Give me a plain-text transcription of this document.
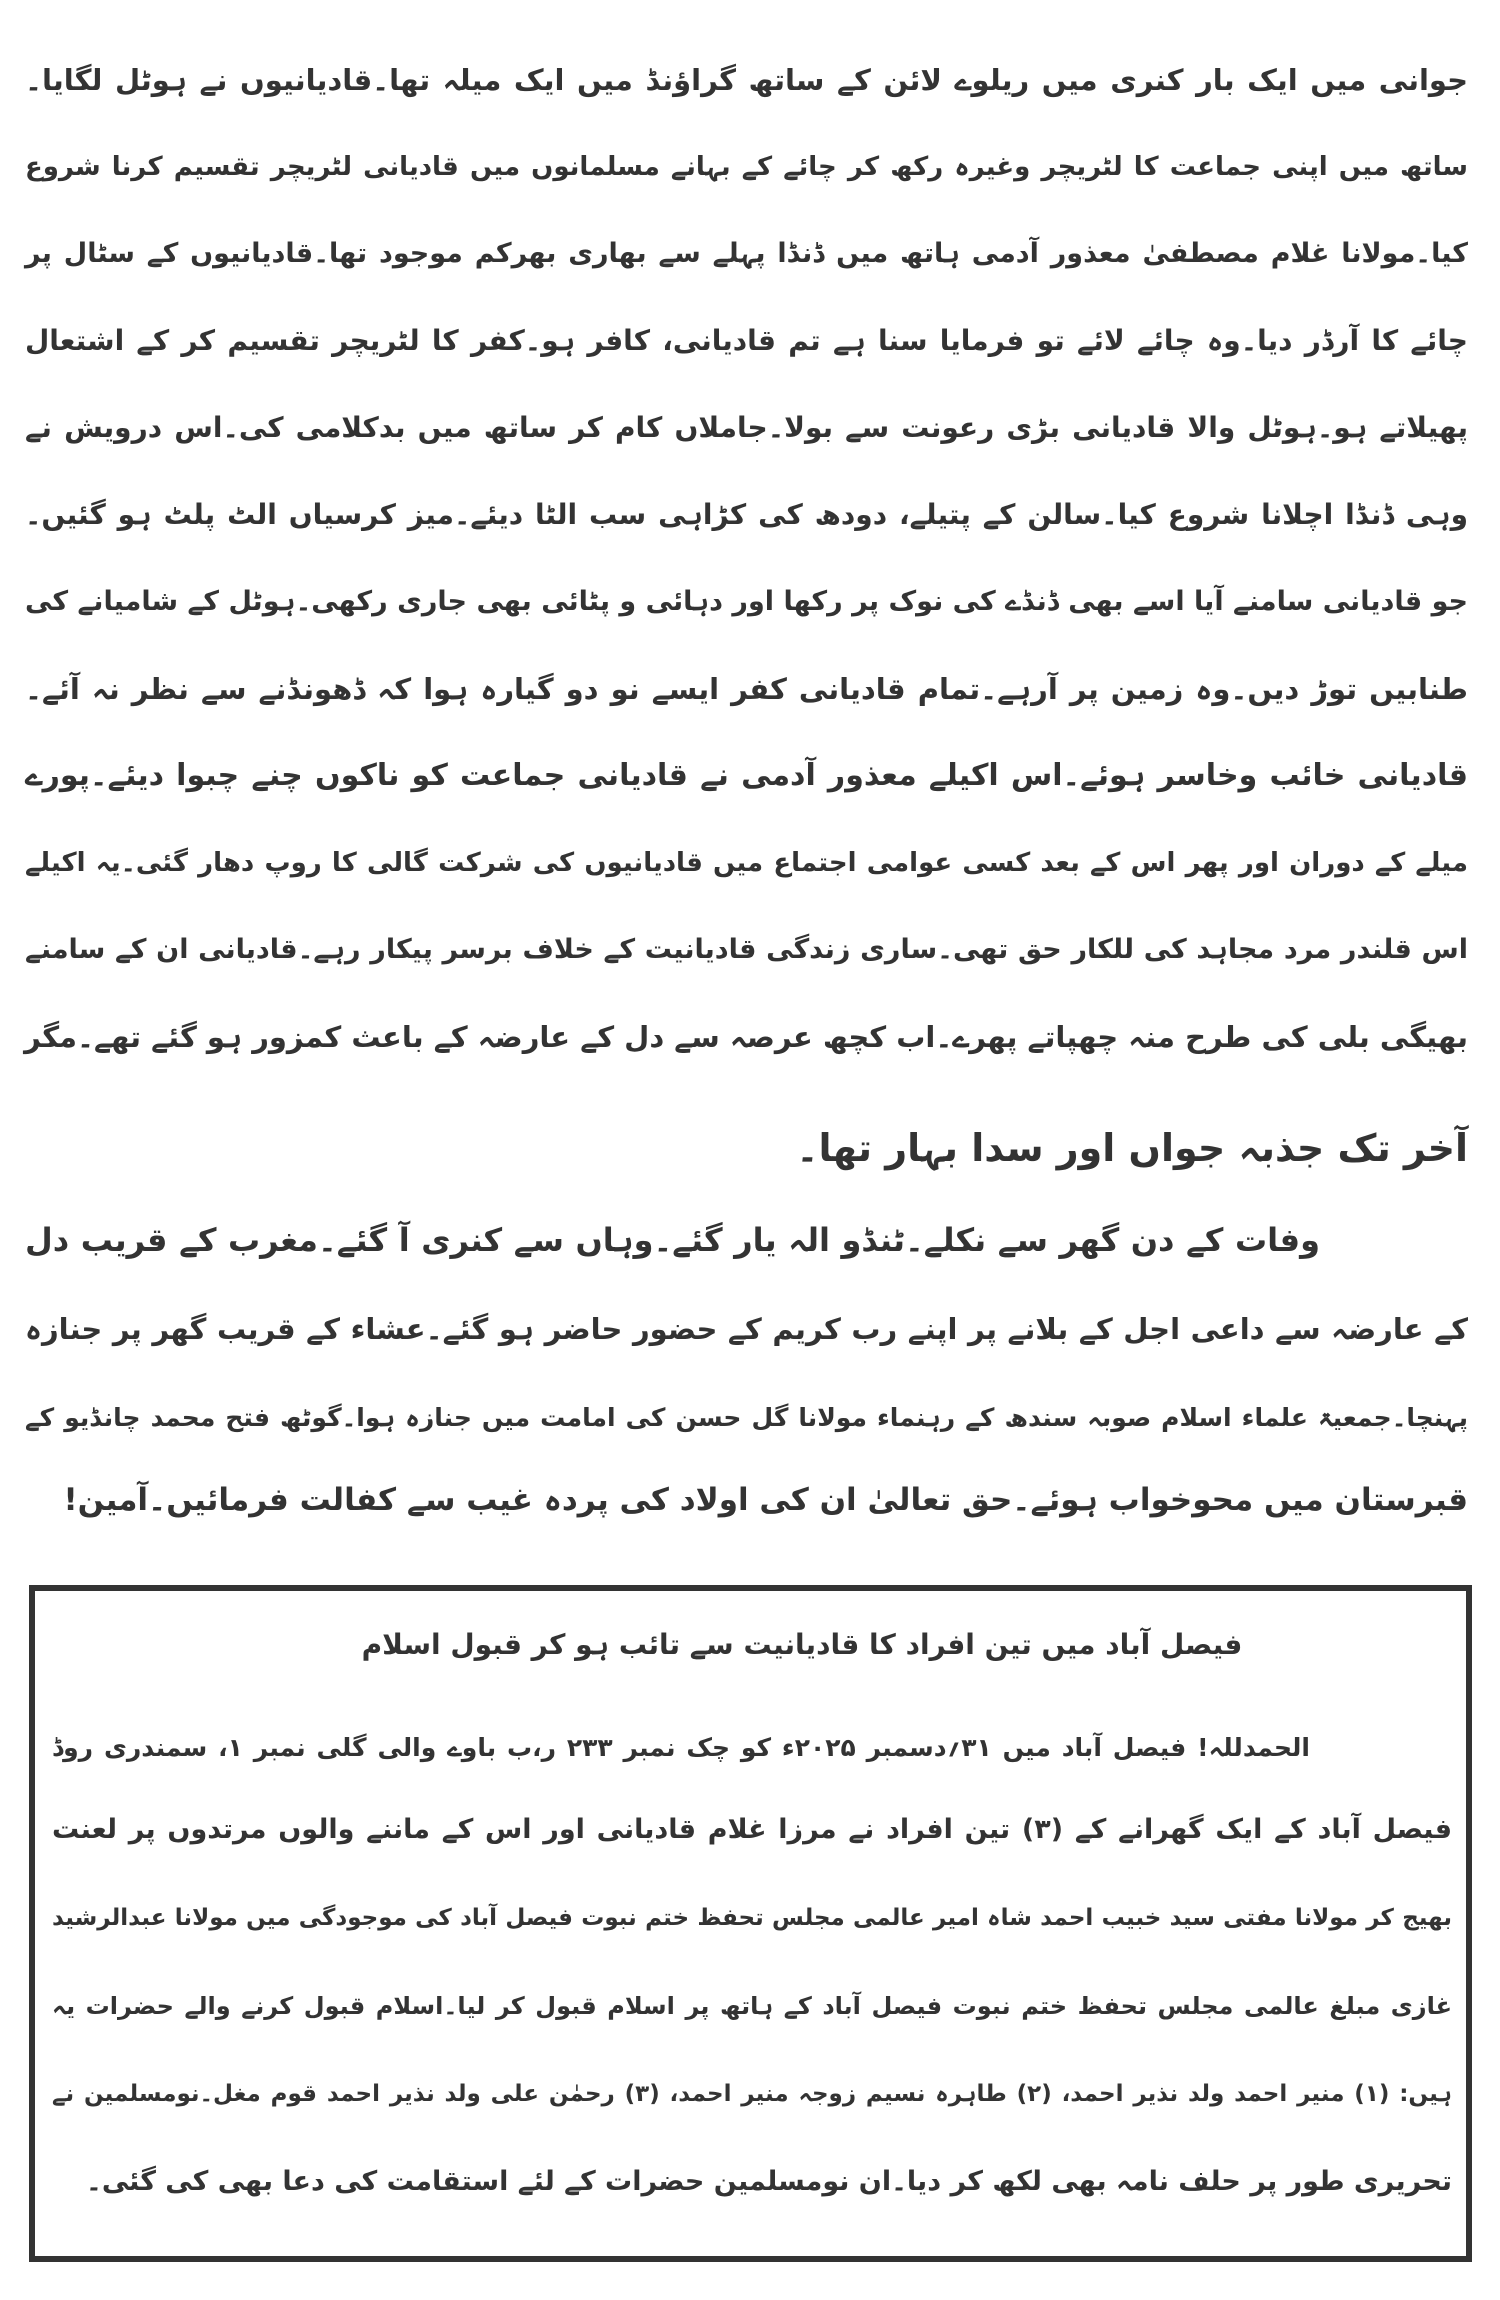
جوانی میں ایک بار کنری میں ریلوے لائن کے ساتھ گراؤنڈ میں ایک میلہ تھا۔قادیانیوں نے ہوٹل لگایا۔
ساتھ میں اپنی جماعت کا لٹریچر وغیرہ رکھ کر چائے کے بہانے مسلمانوں میں قادیانی لٹریچر تقسیم کرنا شروع
کیا۔مولانا غلام مصطفیٰ معذور آدمی ہاتھ میں ڈنڈا پہلے سے بھاری بھرکم موجود تھا۔قادیانیوں کے سٹال پر
چائے کا آرڈر دیا۔وہ چائے لائے تو فرمایا سنا ہے تم قادیانی، کافر ہو۔کفر کا لٹریچر تقسیم کر کے اشتعال
پھیلاتے ہو۔ہوٹل والا قادیانی بڑی رعونت سے بولا۔جاملاں کام کر ساتھ میں بدکلامی کی۔اس درویش نے
وہی ڈنڈا اچلانا شروع کیا۔سالن کے پتیلے، دودھ کی کڑاہی سب الٹا دیئے۔میز کرسیاں الٹ پلٹ ہو گئیں۔
جو قادیانی سامنے آیا اسے بھی ڈنڈے کی نوک پر رکھا اور دہائی و پٹائی بھی جاری رکھی۔ہوٹل کے شامیانے کی
طنابیں توڑ دیں۔وہ زمین پر آرہے۔تمام قادیانی کفر ایسے نو دو گیارہ ہوا کہ ڈھونڈنے سے نظر نہ آئے۔
قادیانی خائب وخاسر ہوئے۔اس اکیلے معذور آدمی نے قادیانی جماعت کو ناکوں چنے چبوا دیئے۔پورے
میلے کے دوران اور پھر اس کے بعد کسی عوامی اجتماع میں قادیانیوں کی شرکت گالی کا روپ دھار گئی۔یہ اکیلے
اس قلندر مرد مجاہد کی للکار حق تھی۔ساری زندگی قادیانیت کے خلاف برسر پیکار رہے۔قادیانی ان کے سامنے
بھیگی بلی کی طرح منہ چھپاتے پھرے۔اب کچھ عرصہ سے دل کے عارضہ کے باعث کمزور ہو گئے تھے۔مگر
آخر تک جذبہ جواں اور سدا بہار تھا۔
وفات کے دن گھر سے نکلے۔ٹنڈو الہ یار گئے۔وہاں سے کنری آ گئے۔مغرب کے قریب دل
کے عارضہ سے داعی اجل کے بلانے پر اپنے رب کریم کے حضور حاضر ہو گئے۔عشاء کے قریب گھر پر جنازہ
پہنچا۔جمعیۃ علماء اسلام صوبہ سندھ کے رہنماء مولانا گل حسن کی امامت میں جنازہ ہوا۔گوٹھ فتح محمد چانڈیو کے
قبرستان میں محوخواب ہوئے۔حق تعالیٰ ان کی اولاد کی پردہ غیب سے کفالت فرمائیں۔آمین!
فیصل آباد میں تین افراد کا قادیانیت سے تائب ہو کر قبول اسلام
الحمدللہ! فیصل آباد میں ۳۱؍دسمبر ۲۰۲۵ء کو چک نمبر ۲۳۳ ر،ب باوے والی گلی نمبر ۱، سمندری روڈ
فیصل آباد کے ایک گھرانے کے (۳) تین افراد نے مرزا غلام قادیانی اور اس کے ماننے والوں مرتدوں پر لعنت
بھیج کر مولانا مفتی سید خبیب احمد شاہ امیر عالمی مجلس تحفظ ختم نبوت فیصل آباد کی موجودگی میں مولانا عبدالرشید
غازی مبلغ عالمی مجلس تحفظ ختم نبوت فیصل آباد کے ہاتھ پر اسلام قبول کر لیا۔اسلام قبول کرنے والے حضرات یہ
ہیں: (۱) منیر احمد ولد نذیر احمد، (۲) طاہرہ نسیم زوجہ منیر احمد، (۳) رحمٰن علی ولد نذیر احمد قوم مغل۔نومسلمین نے
تحریری طور پر حلف نامہ بھی لکھ کر دیا۔ان نومسلمین حضرات کے لئے استقامت کی دعا بھی کی گئی۔
